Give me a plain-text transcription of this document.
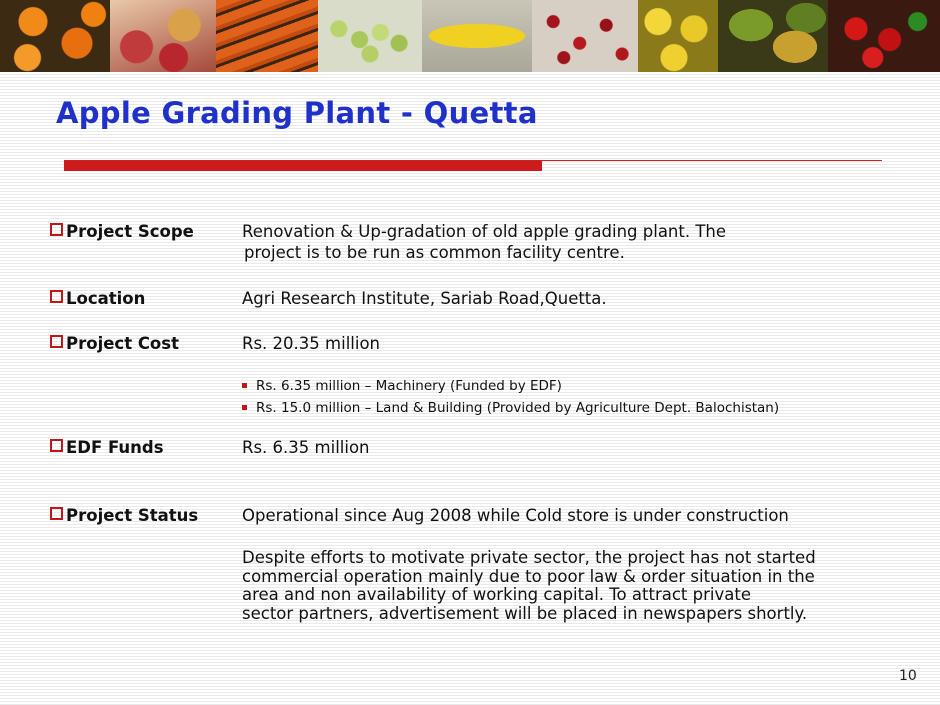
Apple Grading Plant - Quetta
Project Scope	Renovation & Up-gradation of old apple grading plant. The
project is to be run as common facility centre.
Location	Agri Research Institute, Sariab Road,Quetta.
Project Cost	Rs. 20.35 million
Rs. 6.35 million – Machinery (Funded by EDF)
Rs. 15.0 million – Land & Building (Provided by Agriculture Dept. Balochistan)
EDF Funds	Rs. 6.35 million
Project Status	Operational since Aug 2008 while Cold store is under construction
Despite efforts to motivate private sector, the project has not started
commercial operation mainly due to poor law & order situation in the
area and non availability of working capital. To attract private
sector partners, advertisement will be placed in newspapers shortly.
10
